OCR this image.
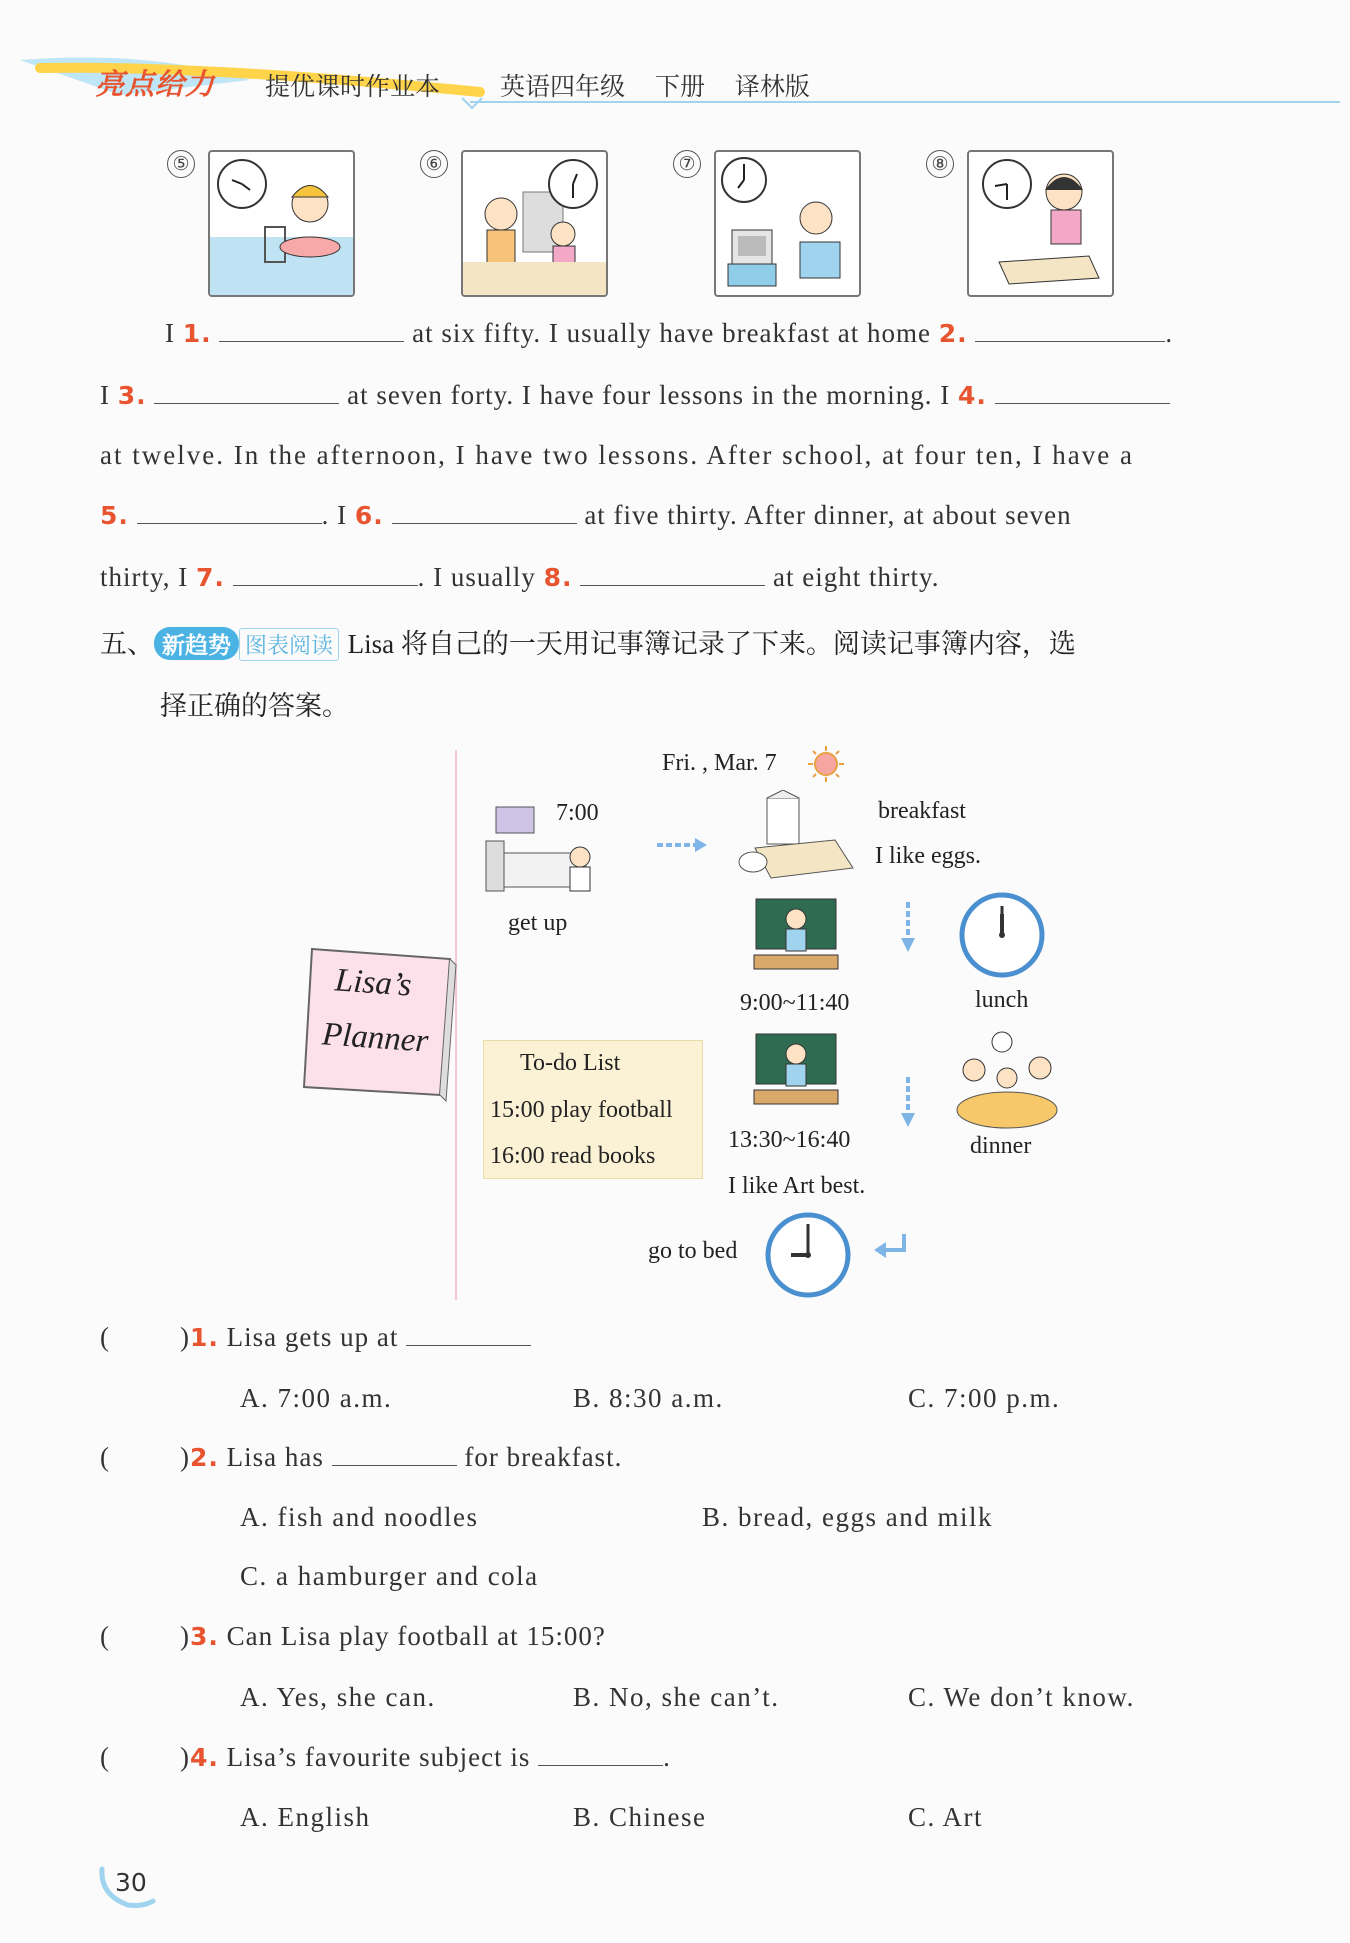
亮点给力 提优课时作业本 英语四年级 下册 译林版
⑤	⑥	⑦	⑧
I 1.	at six fifty. I usually have breakfast at home 2.	.
I 3.	at seven forty. I have four lessons in the morning. I 4.
at twelve. In the afternoon, I have two lessons. After school, at four ten, I have a
5.	. I 6.	at five thirty. After dinner, at about seven
thirty, I 7.	. I usually 8.	at eight thirty.
五、 新趋势 图表阅读 Lisa 将自己的一天用记事簿记录了下来。阅读记事簿内容，选
择正确的答案。
Lisa’s
Planner
Fri. , Mar. 7
7:00
get up
breakfast
I like eggs.
9:00~11:40	lunch
To-do List
15:00 play football
16:00 read books
13:30~16:40
I like Art best.
dinner
go to bed
(	)1. Lisa gets up at
A. 7:00 a.m.	B. 8:30 a.m.	C. 7:00 p.m.
(	)2. Lisa has	for breakfast.
A. fish and noodles	B. bread, eggs and milk
C. a hamburger and cola
(	)3. Can Lisa play football at 15:00?
A. Yes, she can.	B. No, she can’t.	C. We don’t know.
(	)4. Lisa’s favourite subject is	.
A. English	B. Chinese	C. Art
30
